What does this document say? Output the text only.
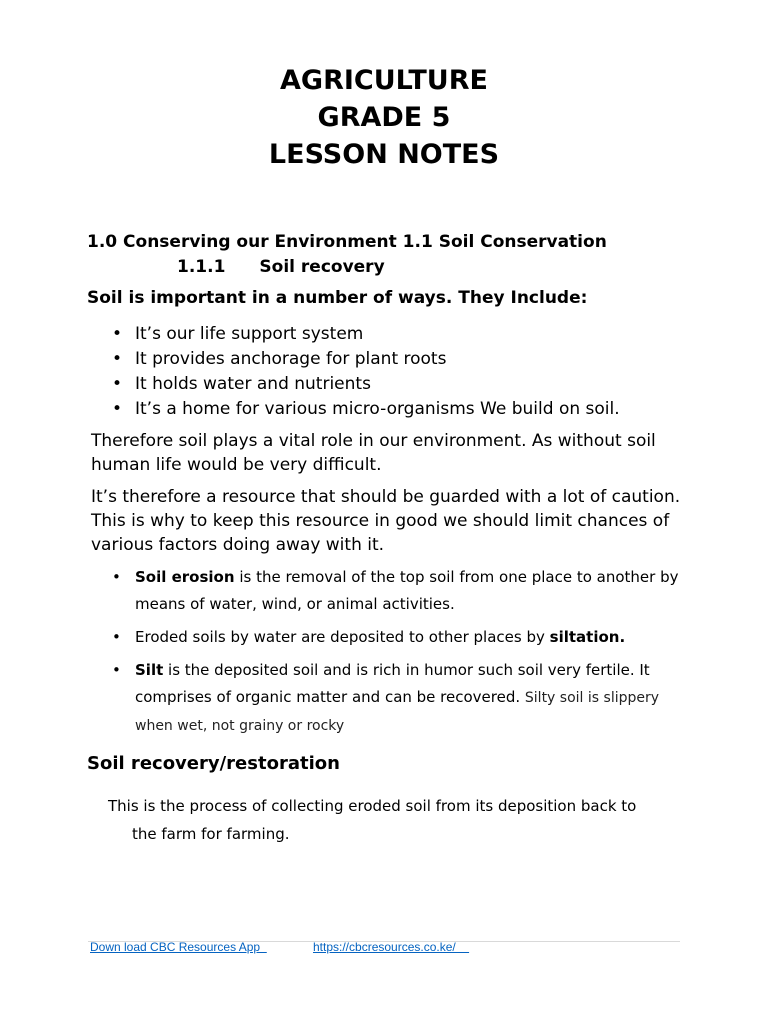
AGRICULTURE
GRADE 5
LESSON NOTES
1.0 Conserving our Environment 1.1 Soil Conservation
1.1.1 Soil recovery
Soil is important in a number of ways. They Include:
• It’s our life support system
• It provides anchorage for plant roots
• It holds water and nutrients
• It’s a home for various micro-organisms We build on soil.
Therefore soil plays a vital role in our environment. As without soil human life would be very difficult.
It’s therefore a resource that should be guarded with a lot of caution. This is why to keep this resource in good we should limit chances of various factors doing away with it.
• Soil erosion is the removal of the top soil from one place to another by means of water, wind, or animal activities.
• Eroded soils by water are deposited to other places by siltation.
• Silt is the deposited soil and is rich in humor such soil very fertile. It comprises of organic matter and can be recovered. Silty soil is slippery when wet, not grainy or rocky
Soil recovery/restoration
This is the process of collecting eroded soil from its deposition back to
the farm for farming.
Down load CBC Resources App	https://cbcresources.co.ke/
